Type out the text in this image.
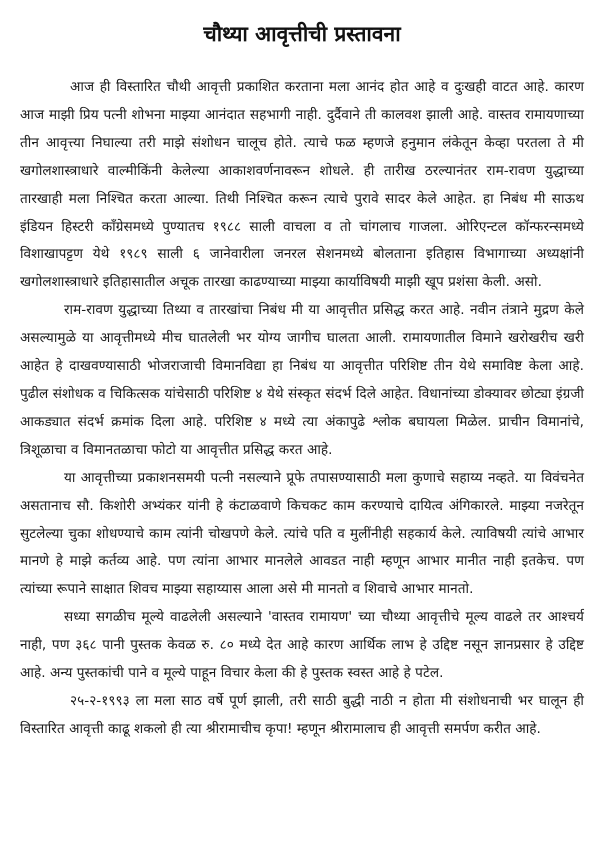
चौथ्या आवृत्तीची प्रस्तावना

आज ही विस्तारित चौथी आवृत्ती प्रकाशित करताना मला आनंद होत आहे व दुःखही वाटत आहे. कारण आज माझी प्रिय पत्नी शोभना माझ्या आनंदात सहभागी नाही. दुर्दैवाने ती कालवश झाली आहे. वास्तव रामायणाच्या तीन आवृत्त्या निघाल्या तरी माझे संशोधन चालूच होते. त्याचे फळ म्हणजे हनुमान लंकेतून केव्हा परतला ते मी खगोलशास्त्राधारे वाल्मीकिंनी केलेल्या आकाशवर्णनावरून शोधले. ही तारीख ठरल्यानंतर राम-रावण युद्धाच्या तारखाही मला निश्चित करता आल्या. तिथी निश्चित करून त्याचे पुरावे सादर केले आहेत. हा निबंध मी साऊथ इंडियन हिस्टरी कॉंग्रेसमध्ये पुण्यातच १९८८ साली वाचला व तो चांगलाच गाजला. ओरिएन्टल कॉन्फरन्समध्ये विशाखापट्टण येथे १९८९ साली ६ जानेवारीला जनरल सेशनमध्ये बोलताना इतिहास विभागाच्या अध्यक्षांनी खगोलशास्त्राधारे इतिहासातील अचूक तारखा काढण्याच्या माझ्या कार्याविषयी माझी खूप प्रशंसा केली. असो.

राम-रावण युद्धाच्या तिथ्या व तारखांचा निबंध मी या आवृत्तीत प्रसिद्ध करत आहे. नवीन तंत्राने मुद्रण केले असल्यामुळे या आवृत्तीमध्ये मीच घातलेली भर योग्य जागीच घालता आली. रामायणातील विमाने खरोखरीच खरी आहेत हे दाखवण्यासाठी भोजराजाची विमानविद्या हा निबंध या आवृत्तीत परिशिष्ट तीन येथे समाविष्ट केला आहे. पुढील संशोधक व चिकित्सक यांचेसाठी परिशिष्ट ४ येथे संस्कृत संदर्भ दिले आहेत. विधानांच्या डोक्यावर छोट्या इंग्रजी आकड्यात संदर्भ क्रमांक दिला आहे. परिशिष्ट ४ मध्ये त्या अंकापुढे श्लोक बघायला मिळेल. प्राचीन विमानांचे, त्रिशूळाचा व विमानतळाचा फोटो या आवृत्तीत प्रसिद्ध करत आहे.

या आवृत्तीच्या प्रकाशनसमयी पत्नी नसल्याने प्रूफे तपासण्यासाठी मला कुणाचे सहाय्य नव्हते. या विवंचनेत असतानाच सौ. किशोरी अभ्यंकर यांनी हे कंटाळवाणे किचकट काम करण्याचे दायित्व अंगिकारले. माझ्या नजरेतून सुटलेल्या चुका शोधण्याचे काम त्यांनी चोखपणे केले. त्यांचे पति व मुलींनीही सहकार्य केले. त्याविषयी त्यांचे आभार मानणे हे माझे कर्तव्य आहे. पण त्यांना आभार मानलेले आवडत नाही म्हणून आभार मानीत नाही इतकेच. पण त्यांच्या रूपाने साक्षात शिवच माझ्या सहाय्यास आला असे मी मानतो व शिवाचे आभार मानतो.

सध्या सगळीच मूल्ये वाढलेली असल्याने 'वास्तव रामायण' च्या चौथ्या आवृत्तीचे मूल्य वाढले तर आश्चर्य नाही, पण ३६८ पानी पुस्तक केवळ रु. ८० मध्ये देत आहे कारण आर्थिक लाभ हे उद्दिष्ट नसून ज्ञानप्रसार हे उद्दिष्ट आहे. अन्य पुस्तकांची पाने व मूल्ये पाहून विचार केला की हे पुस्तक स्वस्त आहे हे पटेल.

२५-२-१९९३ ला मला साठ वर्षे पूर्ण झाली, तरी साठी बुद्धी नाठी न होता मी संशोधनाची भर घालून ही विस्तारित आवृत्ती काढू शकलो ही त्या श्रीरामाचीच कृपा! म्हणून श्रीरामालाच ही आवृत्ती समर्पण करीत आहे.
